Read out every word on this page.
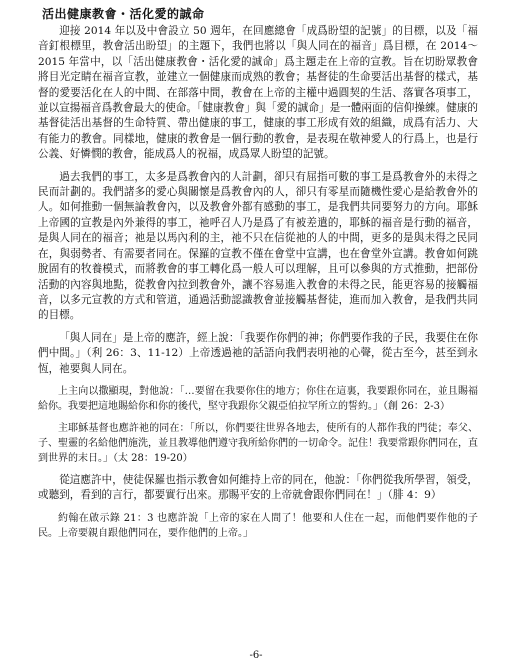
活出健康教會・活化愛的誠命

迎接 2014 年以及中會設立 50 週年，在回應總會「成爲盼望的記號」的目標，以及「福音釘根標里，教會活出盼望」的主題下，我們也將以「與人同在的福音」爲目標，在 2014～2015 年當中，以「活出健康教會・活化愛的誠命」爲主題走在上帝的宣教。旨在切盼眾教會將目光定睛在福音宣教，並建立一個健康而成熟的教會；基督徒的生命要活出基督的樣式，基督的愛要活化在人的中間、在部落中間，教會在上帝的主權中過圓契的生活、落實各項事工，並以宣揚福音爲教會最大的使命。「健康教會」與「愛的誠命」是一體兩面的信仰操練。健康的基督徒活出基督的生命特質、帶出健康的事工，健康的事工形成有效的組織，成爲有活力、大有能力的教會。同樣地，健康的教會是一個行動的教會，是表現在敬神愛人的行爲上，也是行公義、好憐憫的教會，能成爲人的祝福，成爲眾人盼望的記號。

過去我們的事工，太多是爲教會內的人計劃，卻只有屈指可數的事工是爲教會外的未得之民而計劃的。我們諸多的愛心與關懷是爲教會內的人，卻只有零星而隨機性愛心是給教會外的人。如何推動一個無論教會內，以及教會外都有感動的事工，是我們共同要努力的方向。耶穌上帝國的宣教是內外兼得的事工，祂呼召人乃是爲了有被差遣的，耶穌的福音是行動的福音，是與人同在的福音；祂是以馬內利的主，祂不只在信從祂的人的中間，更多的是與未得之民同在，與弱勢者、有需要者同在。保羅的宣教不僅在會堂中宣講，也在會堂外宣講。教會如何跳脫固有的牧養模式，而將教會的事工轉化爲一般人可以理解，且可以參與的方式推動，把部份活動的內容與地點，從教會內拉到教會外，讓不容易進入教會的未得之民，能更容易的接觸福音，以多元宣教的方式和管道，通過活動認識教會並接觸基督徒，進而加入教會，是我們共同的目標。

「與人同在」是上帝的應許，經上說：「我要作你們的神；你們要作我的子民，我要住在你們中間。」（利 26：3、11-12）上帝透過祂的話語向我們表明祂的心聲，從古至今，甚至到永恆，祂要與人同在。

上主向以撒顯現，對他說：「…要留在我要你住的地方；你住在這裏，我要跟你同在，並且賜福給你。我要把這地賜給你和你的後代，堅守我跟你父親亞伯拉罕所立的誓約。」（創 26：2-3）

主耶穌基督也應許祂的同在：「所以，你們要往世界各地去，使所有的人都作我的門徒；奉父、子、聖靈的名給他們施洗，並且教導他們遵守我所給你們的一切命令。記住！我要常跟你們同在，直到世界的末日。」（太 28：19-20）

從這應許中，使徒保羅也指示教會如何維持上帝的同在，他說：「你們從我所學習，領受，或聽到，看到的言行，都要實行出來。那賜平安的上帝就會跟你們同在！」（腓 4：9）

約翰在啟示錄 21：3 也應許說「上帝的家在人間了！他要和人住在一起，而他們要作他的子民。上帝要親自跟他們同在，要作他們的上帝。」

-6-
